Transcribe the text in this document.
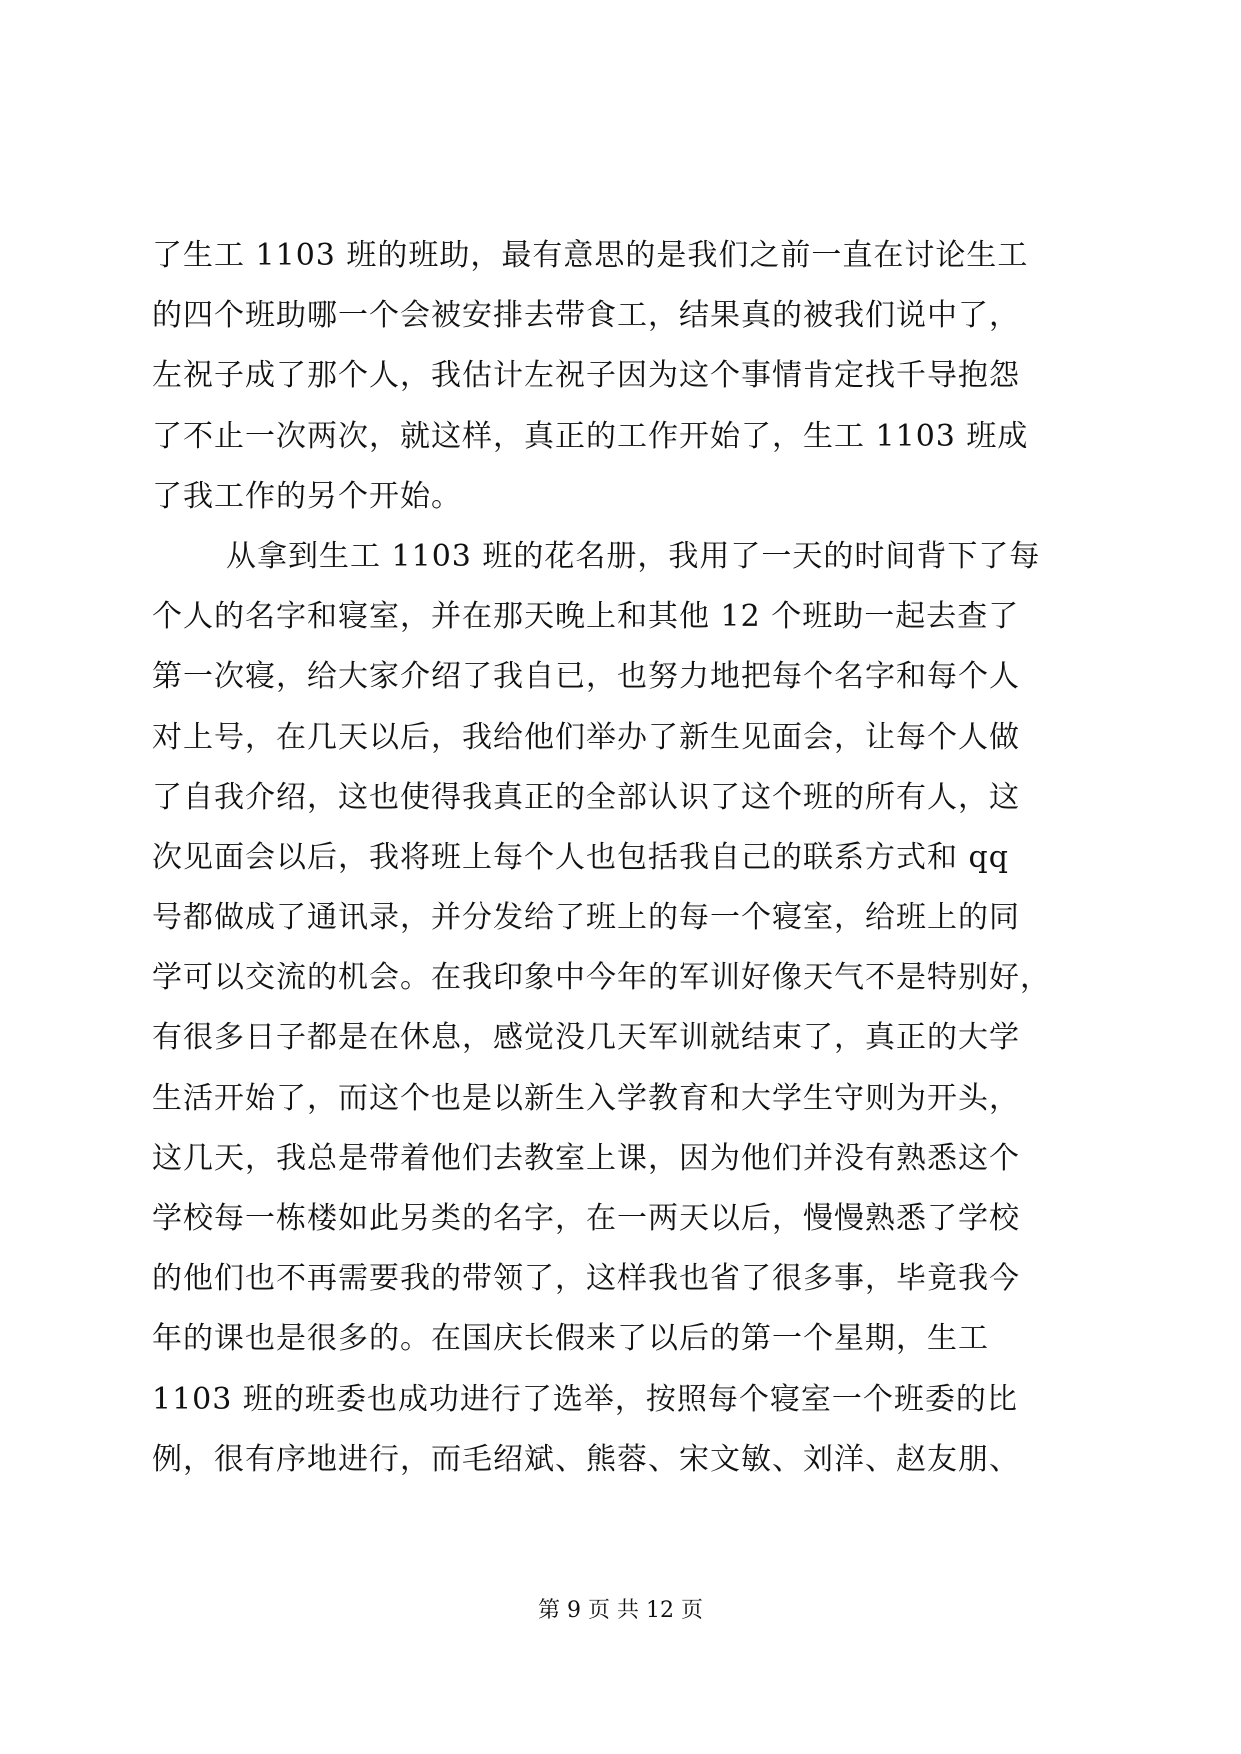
了生工 1103 班的班助，最有意思的是我们之前一直在讨论生工
的四个班助哪一个会被安排去带食工，结果真的被我们说中了，
左祝子成了那个人，我估计左祝子因为这个事情肯定找千导抱怨
了不止一次两次，就这样，真正的工作开始了，生工 1103 班成
了我工作的另个开始。
从拿到生工 1103 班的花名册，我用了一天的时间背下了每
个人的名字和寝室，并在那天晚上和其他 12 个班助一起去查了
第一次寝，给大家介绍了我自已，也努力地把每个名字和每个人
对上号，在几天以后，我给他们举办了新生见面会，让每个人做
了自我介绍，这也使得我真正的全部认识了这个班的所有人，这
次见面会以后，我将班上每个人也包括我自己的联系方式和 qq
号都做成了通讯录，并分发给了班上的每一个寝室，给班上的同
学可以交流的机会。在我印象中今年的军训好像天气不是特别好，
有很多日子都是在休息，感觉没几天军训就结束了，真正的大学
生活开始了，而这个也是以新生入学教育和大学生守则为开头，
这几天，我总是带着他们去教室上课，因为他们并没有熟悉这个
学校每一栋楼如此另类的名字，在一两天以后，慢慢熟悉了学校
的他们也不再需要我的带领了，这样我也省了很多事，毕竟我今
年的课也是很多的。在国庆长假来了以后的第一个星期，生工
1103 班的班委也成功进行了选举，按照每个寝室一个班委的比
例，很有序地进行，而毛绍斌、熊蓉、宋文敏、刘洋、赵友朋、
第 9 页 共 12 页
